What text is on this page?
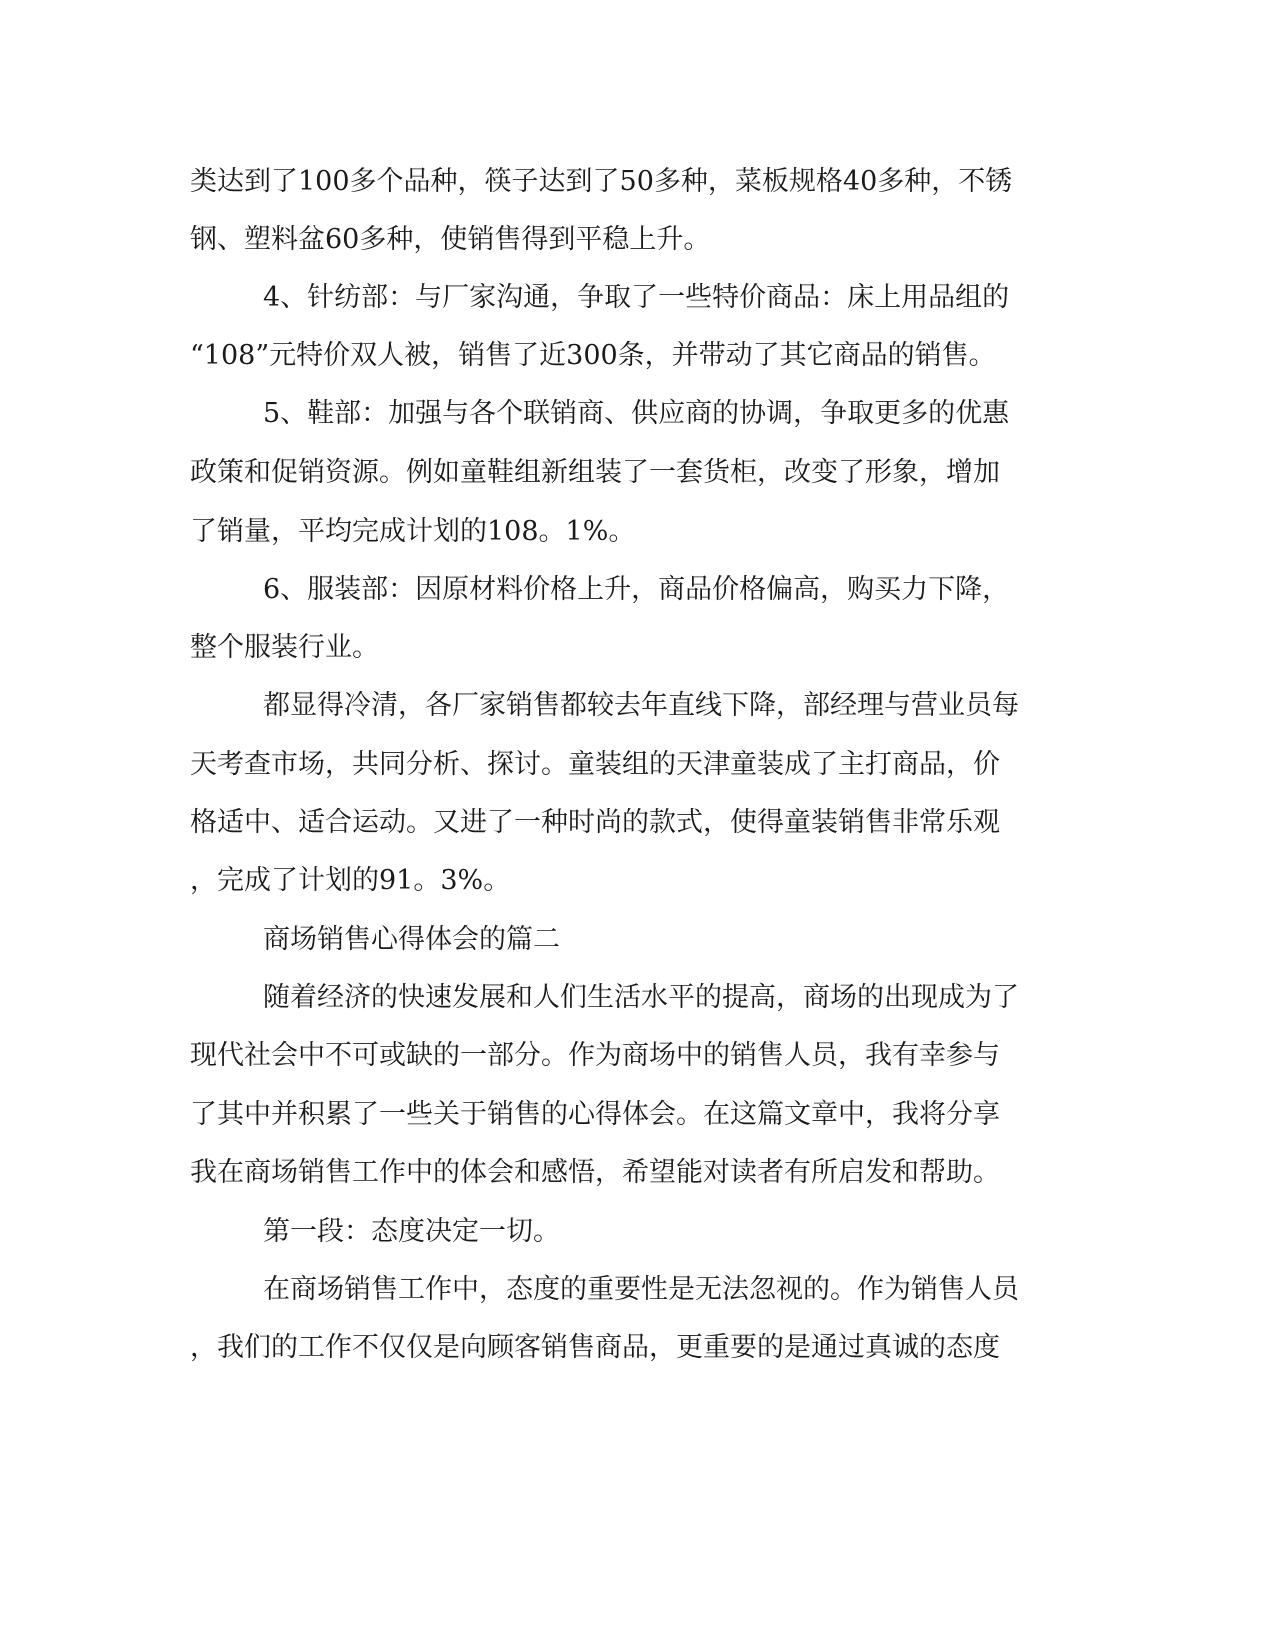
类达到了100多个品种，筷子达到了50多种，菜板规格40多种，不锈

钢、塑料盆60多种，使销售得到平稳上升。

4、针纺部：与厂家沟通，争取了一些特价商品：床上用品组的

“108”元特价双人被，销售了近300条，并带动了其它商品的销售。

5、鞋部：加强与各个联销商、供应商的协调，争取更多的优惠

政策和促销资源。例如童鞋组新组装了一套货柜，改变了形象，增加

了销量，平均完成计划的108。1%。

6、服装部：因原材料价格上升，商品价格偏高，购买力下降，

整个服装行业。

都显得冷清，各厂家销售都较去年直线下降，部经理与营业员每

天考查市场，共同分析、探讨。童装组的天津童装成了主打商品，价

格适中、适合运动。又进了一种时尚的款式，使得童装销售非常乐观

，完成了计划的91。3%。

商场销售心得体会的篇二

随着经济的快速发展和人们生活水平的提高，商场的出现成为了

现代社会中不可或缺的一部分。作为商场中的销售人员，我有幸参与

了其中并积累了一些关于销售的心得体会。在这篇文章中，我将分享

我在商场销售工作中的体会和感悟，希望能对读者有所启发和帮助。

第一段：态度决定一切。

在商场销售工作中，态度的重要性是无法忽视的。作为销售人员

，我们的工作不仅仅是向顾客销售商品，更重要的是通过真诚的态度
